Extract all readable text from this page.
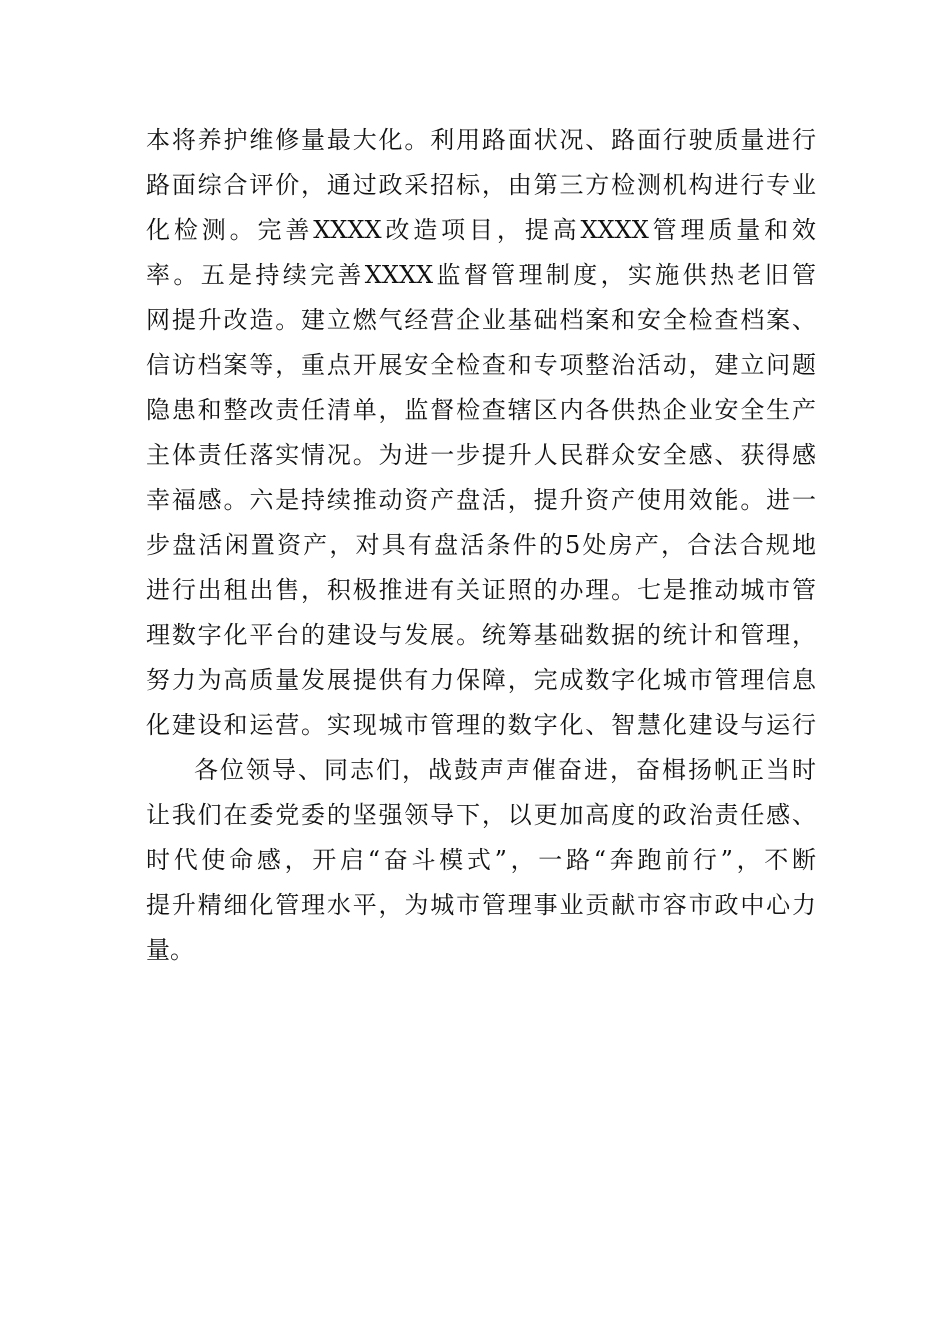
本将养护维修量最大化。利用路面状况、路面行驶质量进行
路面综合评价，通过政采招标，由第三方检测机构进行专业
化检测。完善XXXX改造项目，提高XXXX管理质量和效
率。五是持续完善XXXX监督管理制度，实施供热老旧管
网提升改造。建立燃气经营企业基础档案和安全检查档案、
信访档案等，重点开展安全检查和专项整治活动，建立问题
隐患和整改责任清单，监督检查辖区内各供热企业安全生产
主体责任落实情况。为进一步提升人民群众安全感、获得感
幸福感。六是持续推动资产盘活，提升资产使用效能。进一
步盘活闲置资产，对具有盘活条件的5处房产，合法合规地
进行出租出售，积极推进有关证照的办理。七是推动城市管
理数字化平台的建设与发展。统筹基础数据的统计和管理，
努力为高质量发展提供有力保障，完成数字化城市管理信息
化建设和运营。实现城市管理的数字化、智慧化建设与运行
各位领导、同志们，战鼓声声催奋进，奋楫扬帆正当时
让我们在委党委的坚强领导下，以更加高度的政治责任感、
时代使命感，开启“奋斗模式”，一路“奔跑前行”，不断
提升精细化管理水平，为城市管理事业贡献市容市政中心力
量。
